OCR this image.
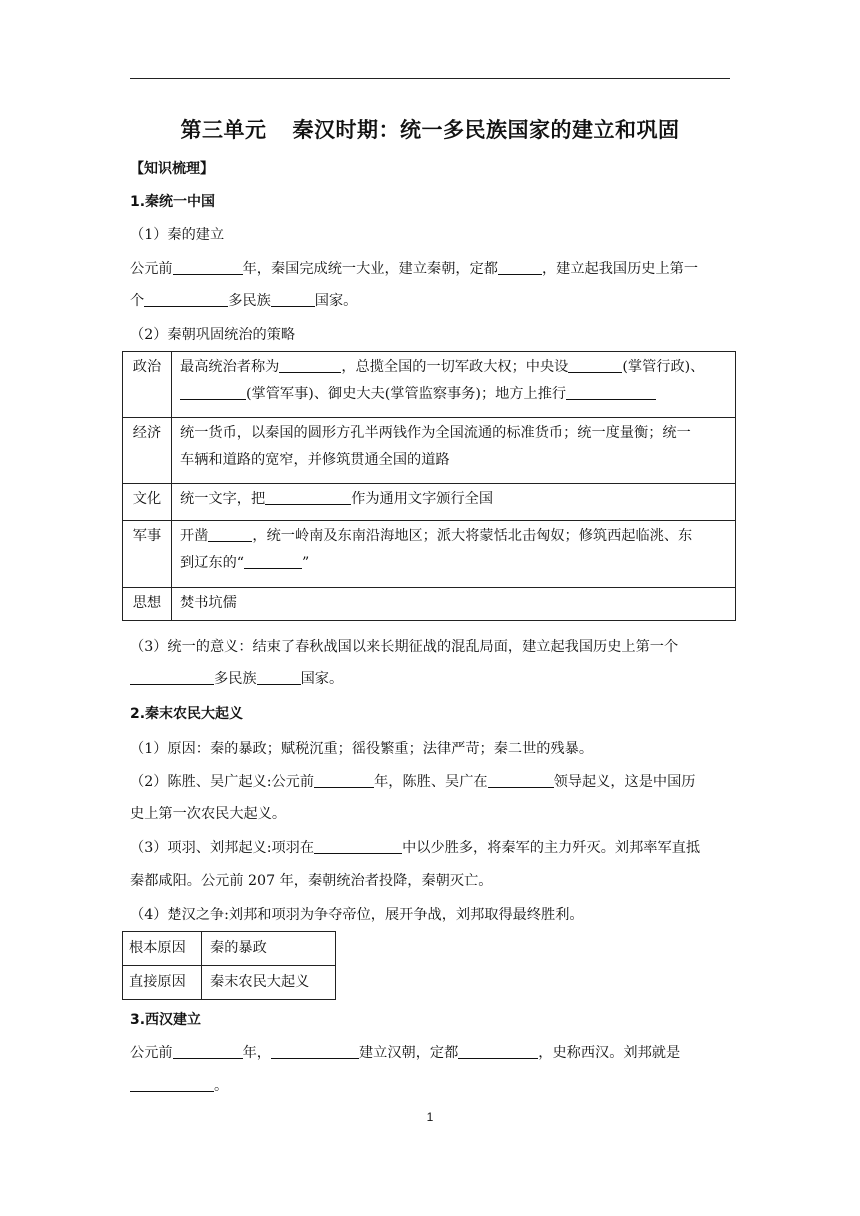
第三单元 秦汉时期：统一多民族国家的建立和巩固
【知识梳理】
1.秦统一中国
（1）秦的建立
公元前	年，秦国完成统一大业，建立秦朝，定都	，建立起我国历史上第一
个	多民族	国家。
（2）秦朝巩固统治的策略
政治	最高统治者称为 ，总揽全国的一切军政大权；中央设 (掌管行政)、
(掌管军事)、御史大夫(掌管监察事务)；地方上推行

经济	统一货币，以秦国的圆形方孔半两钱作为全国流通的标准货币；统一度量衡；统一
车辆和道路的宽窄，并修筑贯通全国的道路

文化	统一文字，把 作为通用文字颁行全国

军事	开凿 ，统一岭南及东南沿海地区；派大将蒙恬北击匈奴；修筑西起临洮、东
到辽东的“ ”

思想	焚书坑儒
（3）统一的意义：结束了春秋战国以来长期征战的混乱局面，建立起我国历史上第一个
多民族	国家。
2.秦末农民大起义
（1）原因：秦的暴政；赋税沉重；徭役繁重；法律严苛；秦二世的残暴。
（2）陈胜、吴广起义:公元前	年，陈胜、吴广在	领导起义，这是中国历
史上第一次农民大起义。
（3）项羽、刘邦起义:项羽在	中以少胜多，将秦军的主力歼灭。刘邦率军直抵
秦都咸阳。公元前 207 年，秦朝统治者投降，秦朝灭亡。
（4）楚汉之争:刘邦和项羽为争夺帝位，展开争战，刘邦取得最终胜利。
根本原因	秦的暴政

直接原因	秦末农民大起义
3.西汉建立
公元前	年，	建立汉朝，定都	，史称西汉。刘邦就是
。
1
